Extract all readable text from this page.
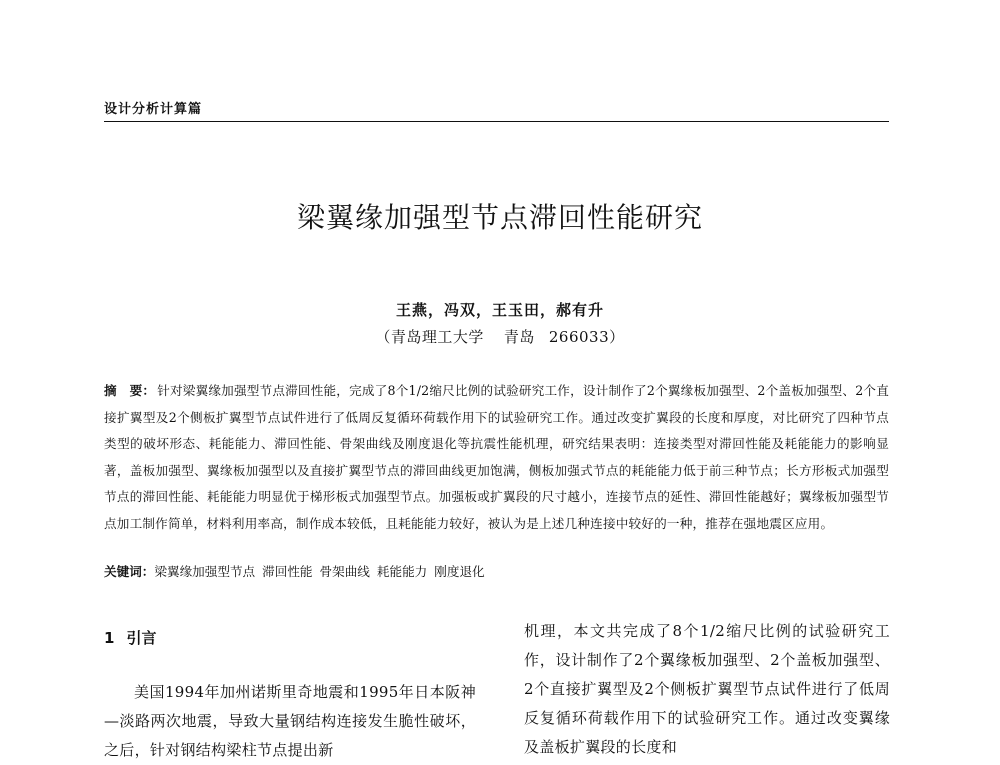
设计分析计算篇
梁翼缘加强型节点滞回性能研究
王燕，冯双，王玉田，郝有升
（青岛理工大学 青岛 266033）
摘　要： 针对梁翼缘加强型节点滞回性能，完成了8个1/2缩尺比例的试验研究工作，设计制作了2个翼缘板加强型、2个盖板加强型、2个直接扩翼型及2个侧板扩翼型节点试件进行了低周反复循环荷载作用下的试验研究工作。通过改变扩翼段的长度和厚度，对比研究了四种节点类型的破坏形态、耗能能力、滞回性能、骨架曲线及刚度退化等抗震性能机理，研究结果表明：连接类型对滞回性能及耗能能力的影响显著，盖板加强型、翼缘板加强型以及直接扩翼型节点的滞回曲线更加饱满，侧板加强式节点的耗能能力低于前三种节点；长方形板式加强型节点的滞回性能、耗能能力明显优于梯形板式加强型节点。加强板或扩翼段的尺寸越小，连接节点的延性、滞回性能越好；翼缘板加强型节点加工制作简单，材料利用率高，制作成本较低，且耗能能力较好，被认为是上述几种连接中较好的一种，推荐在强地震区应用。
关键词：梁翼缘加强型节点 滞回性能 骨架曲线 耗能能力 刚度退化
1 引言

美国1994年加州诺斯里奇地震和1995年日本阪神—淡路两次地震，导致大量钢结构连接发生脆性破坏，之后，针对钢结构梁柱节点提出新

机理，本文共完成了8个1/2缩尺比例的试验研究工作，设计制作了2个翼缘板加强型、2个盖板加强型、2个直接扩翼型及2个侧板扩翼型节点试件进行了低周反复循环荷载作用下的试验研究工作。通过改变翼缘及盖板扩翼段的长度和
